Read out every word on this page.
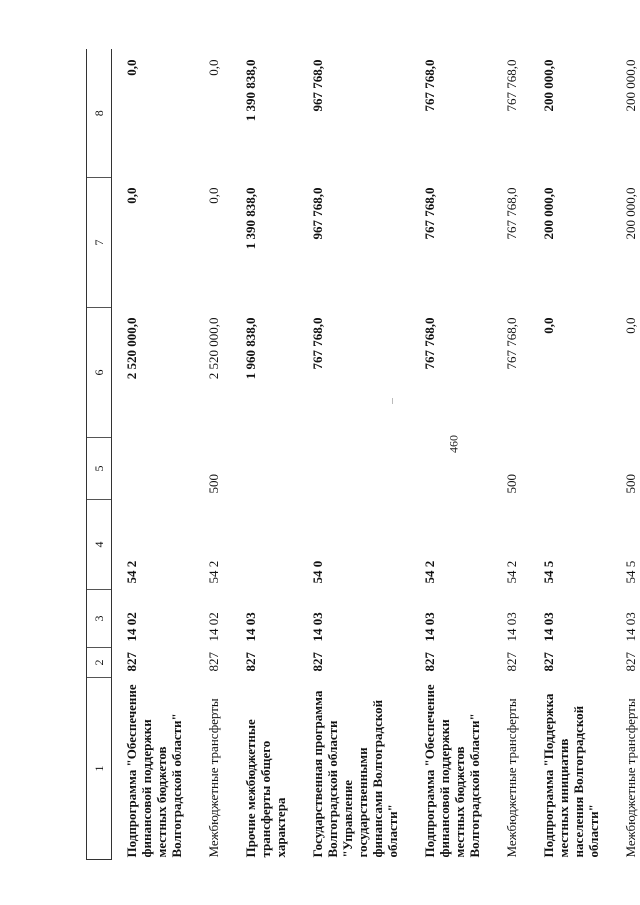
460
1	2	3	4	5	6	7	8
Подпрограмма "Обеспечение финансовой поддержки местных бюджетов Волгоградской области"	827	14 02	54 2		2 520 000,0	0,0	0,0
Межбюджетные трансферты	827	14 02	54 2	500	2 520 000,0	0,0	0,0
Прочие межбюджетные трансферты общего характера	827	14 03			1 960 838,0	1 390 838,0	1 390 838,0
Государственная программа Волгоградской области "Управление государственными финансами Волгоградской области"	827	14 03	54 0		767 768,0	967 768,0	967 768,0
Подпрограмма "Обеспечение финансовой поддержки местных бюджетов Волгоградской области"	827	14 03	54 2		767 768,0	767 768,0	767 768,0
Межбюджетные трансферты	827	14 03	54 2	500	767 768,0	767 768,0	767 768,0
Подпрограмма "Поддержка местных инициатив населения Волгоградской области"	827	14 03	54 5		0,0	200 000,0	200 000,0
Межбюджетные трансферты	827	14 03	54 5	500	0,0	200 000,0	200 000,0
